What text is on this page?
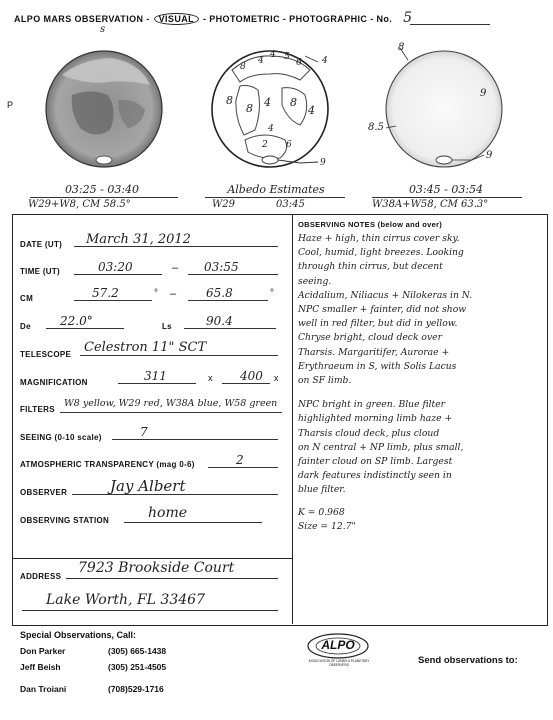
ALPO MARS OBSERVATION - VISUAL - PHOTOMETRIC - PHOTOGRAPHIC - No. 5
s
P
8
4
4 5
6 4
8
8 4 8
4
6
2
4
9
8
9
8.5
9
03:25 - 03:40
W29+W8, CM 58.5°
Albedo Estimates
W29	03:45
03:45 - 03:54
W38A+W58, CM 63.3°
DATE (UT) March 31, 2012
TIME (UT)	03:20	– 03:55
CM	57.2	° – 65.8	°
De 22.0°	Ls	90.4
TELESCOPE Celestron 11" SCT
MAGNIFICATION	311	x 400 x
FILTERS
W8 yellow, W29 red, W38A blue, W58 green
SEEING (0-10 scale)	7
ATMOSPHERIC TRANSPARENCY (mag 0-6)	2
OBSERVER	Jay Albert
OBSERVING STATION	home
ADDRESS
7923 Brookside Court
Lake Worth, FL 33467
OBSERVING NOTES (below and over)
Haze + high, thin cirrus cover sky.
Cool, humid, light breezes. Looking
through thin cirrus, but decent
seeing.
Acidalium, Niliacus + Nilokeras in N.
NPC smaller + fainter, did not show
well in red filter, but did in yellow.
Chryse bright, cloud deck over
Tharsis. Margaritifer, Aurorae +
Erythraeum in S, with Solis Lacus
on SF limb.
NPC bright in green. Blue filter
highlighted morning limb haze +
Tharsis cloud deck, plus cloud
on N central + NP limb, plus small,
fainter cloud on SP limb. Largest
dark features indistinctly seen in
blue filter.
K = 0.968
Size = 12.7"
Special Observations, Call:
Don Parker	(305) 665-1438
Jeff Beish	(305) 251-4505
Dan Troiani	(708)529-1716
ALPO
ASSOCIATION OF LUNAR & PLANETARY OBSERVERS	Send observations to:
